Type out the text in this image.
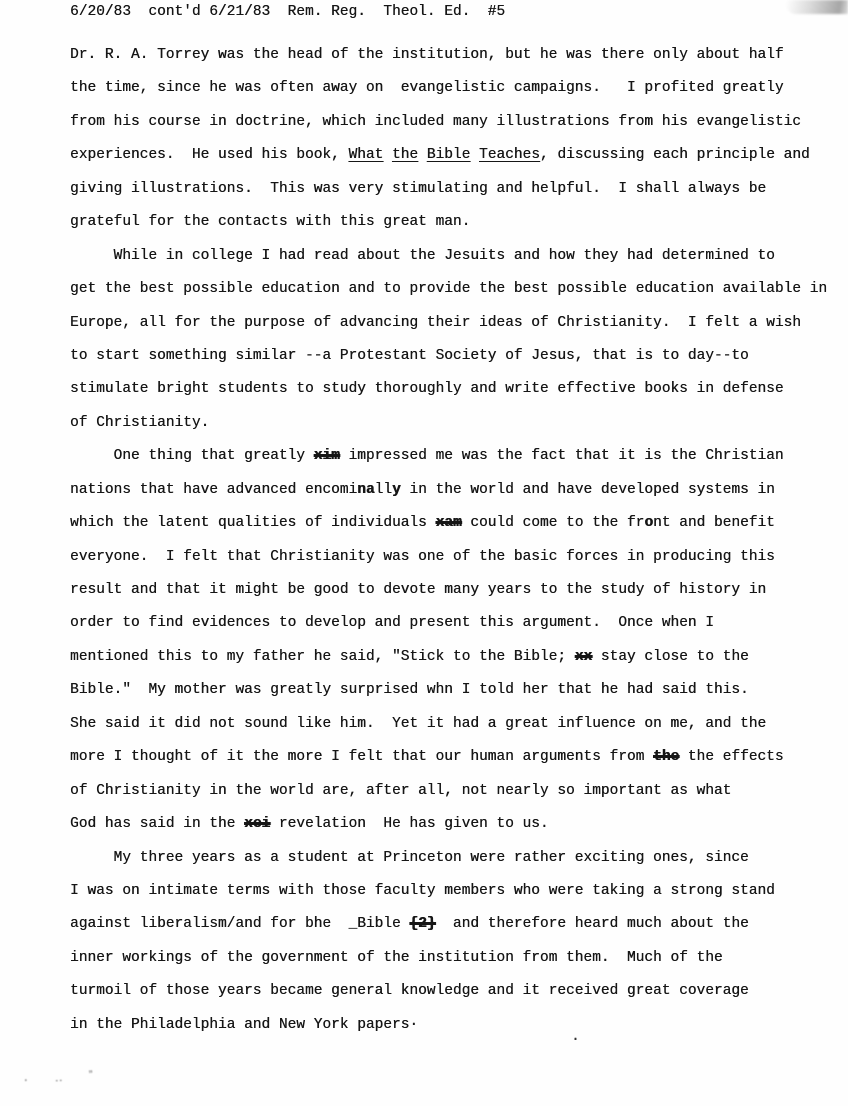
6/20/83  cont'd 6/21/83  Rem. Reg.  Theol. Ed.  #5
Dr. R. A. Torrey was the head of the institution, but he was there only about half
the time, since he was often away on  evangelistic campaigns.   I profited greatly
from his course in doctrine, which included many illustrations from his evangelistic
experiences.  He used his book, What the Bible Teaches, discussing each principle and
giving illustrations.  This was very stimulating and helpful.  I shall always be
grateful for the contacts with this great man.
While in college I had read about the Jesuits and how they had determined to
get the best possible education and to provide the best possible education available in
Europe, all for the purpose of advancing their ideas of Christianity.  I felt a wish
to start something similar --a Protestant Society of Jesus, that is to day--to
stimulate bright students to study thoroughly and write effective books in defense
of Christianity.
One thing that greatly xim impressed me was the fact that it is the Christian
nations that have advanced encominally in the world and have developed systems in
which the latent qualities of individuals xam could come to the front and benefit
everyone.  I felt that Christianity was one of the basic forces in producing this
result and that it might be good to devote many years to the study of history in
order to find evidences to develop and present this argument.  Once when I
mentioned this to my father he said, "Stick to the Bible; xx stay close to the
Bible."  My mother was greatly surprised whn I told her that he had said this.
She said it did not sound like him.  Yet it had a great influence on me, and the
more I thought of it the more I felt that our human arguments from the the effects
of Christianity in the world are, after all, not nearly so important as what
God has said in the xei revelation  He has given to us.
My three years as a student at Princeton were rather exciting ones, since
I was on intimate terms with those faculty members who were taking a strong stand
against liberalism/and for bhe  _Bible {2}  and therefore heard much about the
inner workings of the government of the institution from them.  Much of the
turmoil of those years became general knowledge and it received great coverage
in the Philadelphia and New York papers·
·
· ‥ ˮ
